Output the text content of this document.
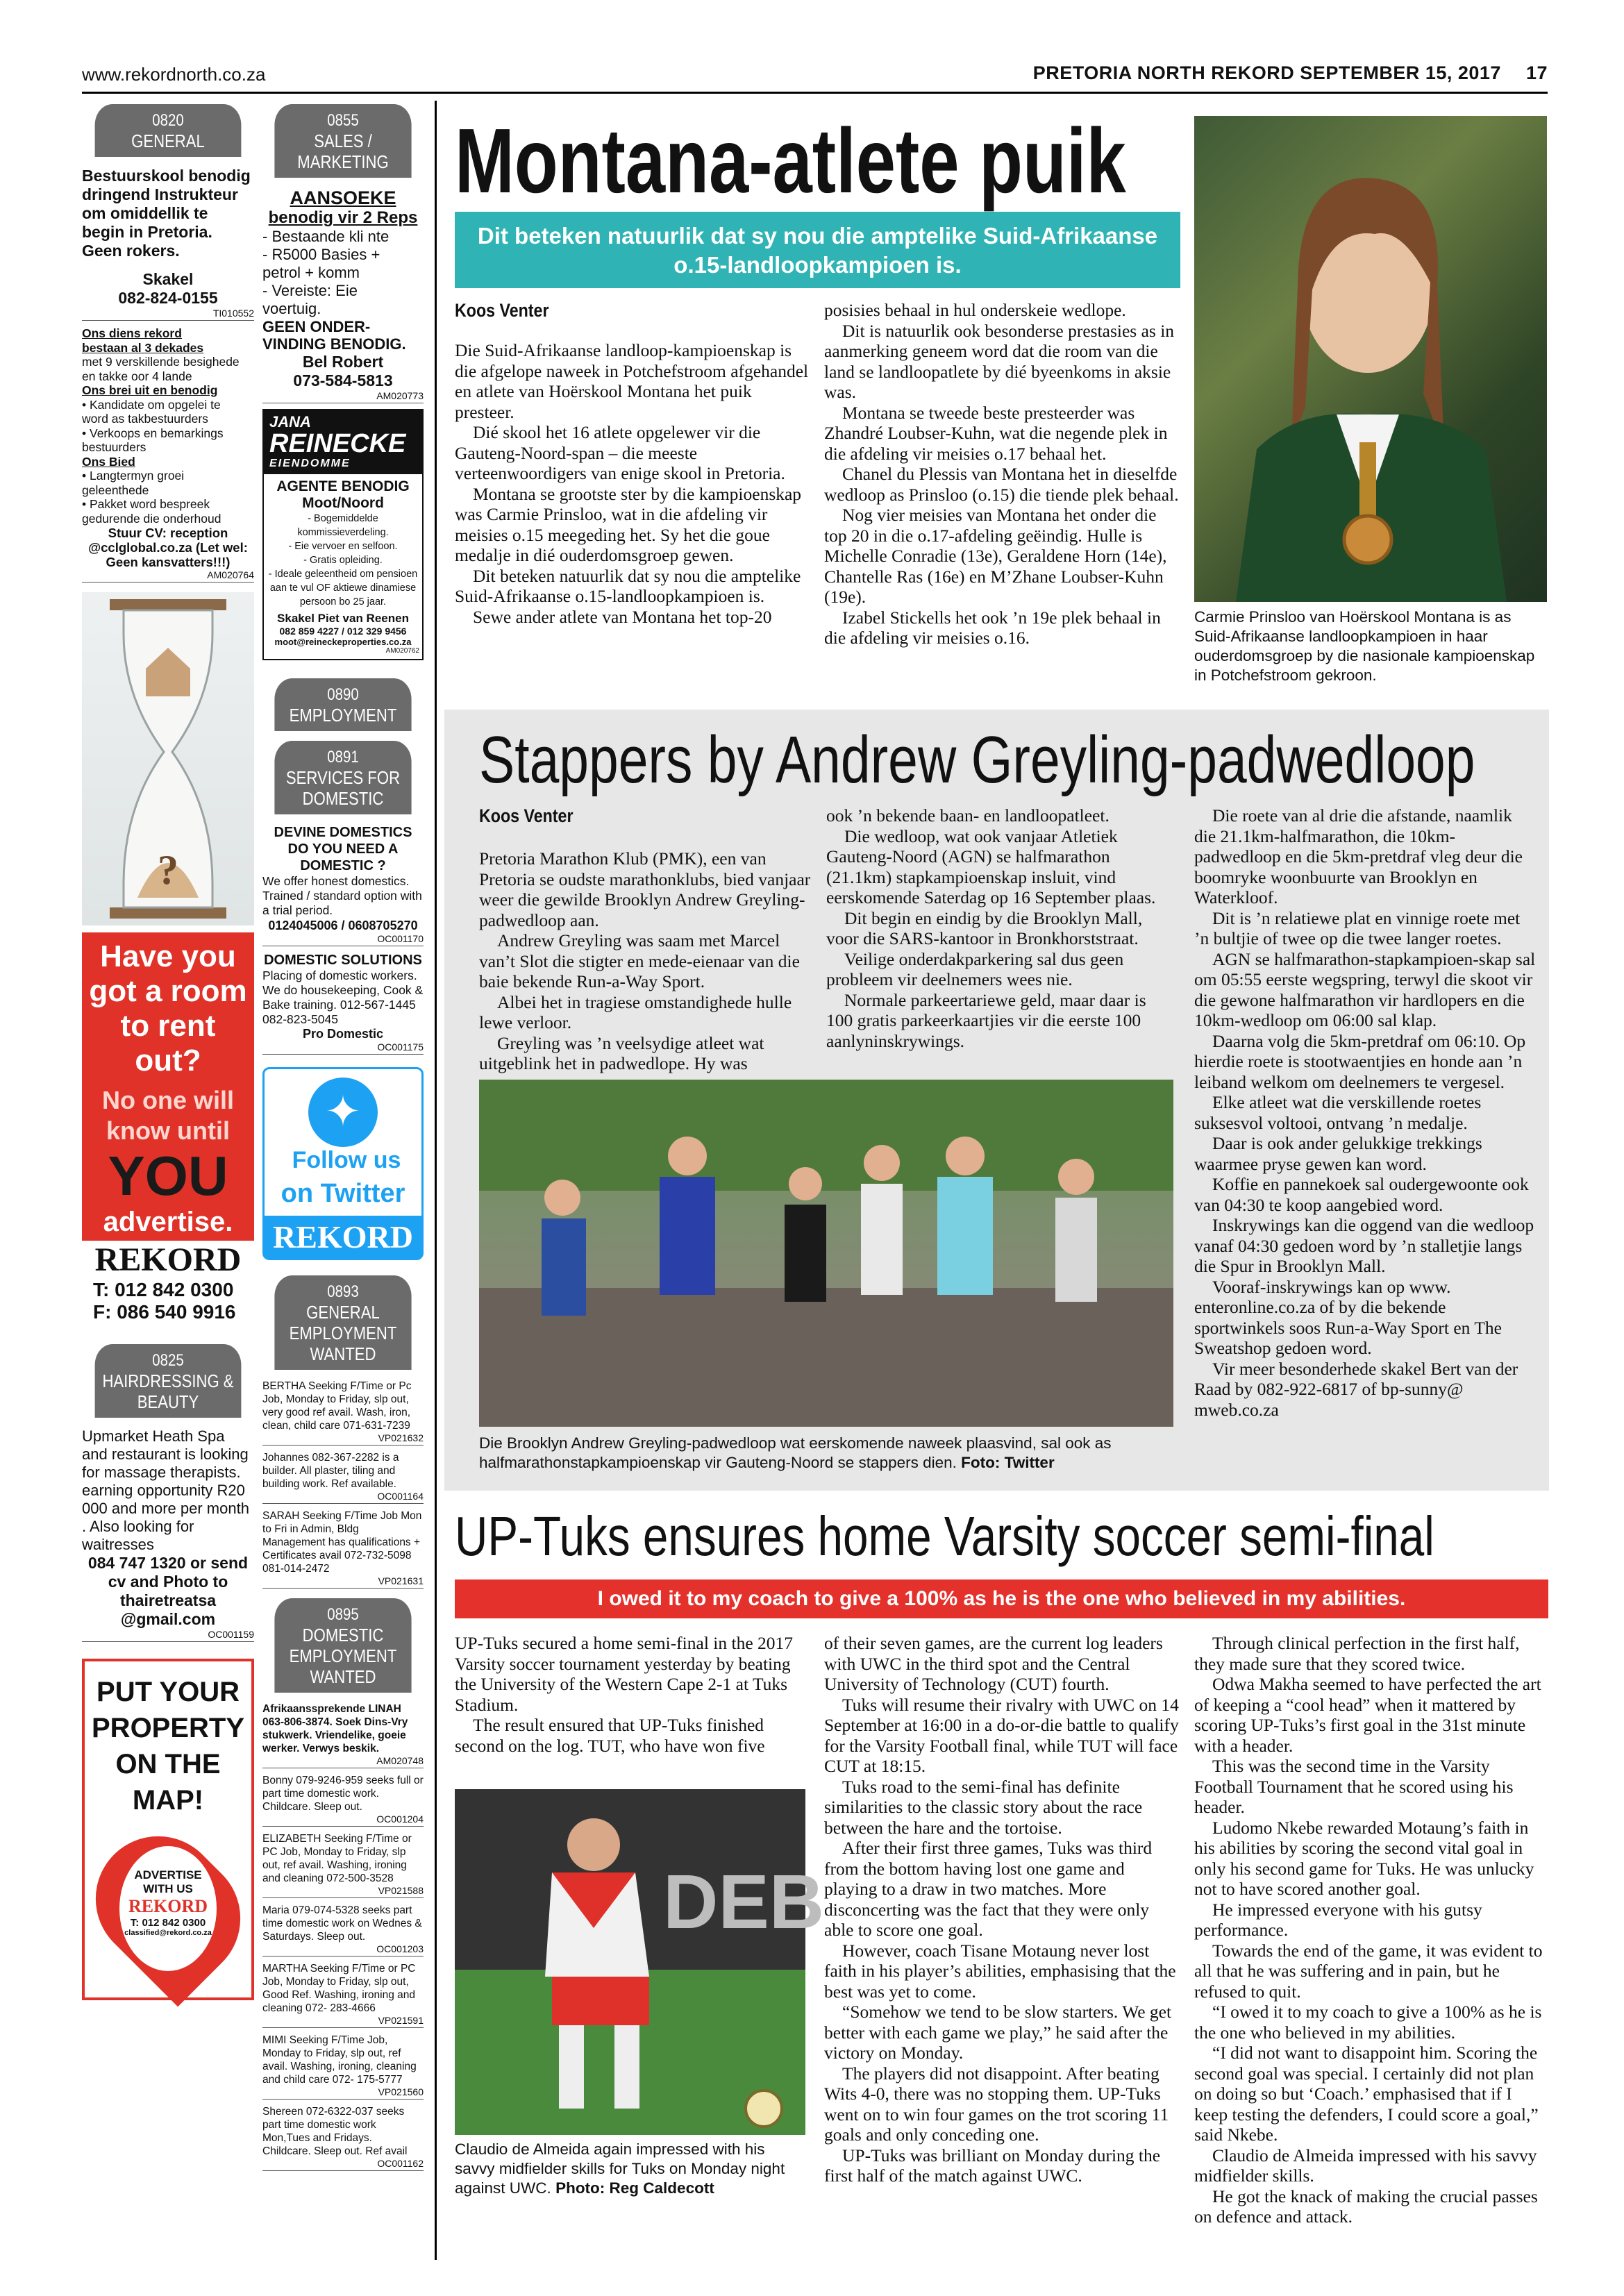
www.rekordnorth.co.za	PRETORIA NORTH REKORD SEPTEMBER 15, 2017 17
0820
GENERAL
Bestuurskool benodig dringend Instrukteur om omiddellik te begin in Pretoria. Geen rokers.
Skakel
082-824-0155
TI010552
Ons diens rekord
bestaan al 3 dekades
met 9 verskillende besighede
en takke oor 4 lande
Ons brei uit en benodig
• Kandidate om opgelei te
word as takbestuurders
• Verkoops en bemarkings
bestuurders
Ons Bied
• Langtermyn groei
geleenthede
• Pakket word bespreek
gedurende die onderhoud
Stuur CV: reception @cclglobal.co.za (Let wel: Geen kansvatters!!!)
AM020764
?
Have you got a room to rent out?
No one will know until
YOU
advertise.
REKORD
T: 012 842 0300
F: 086 540 9916
0825
HAIRDRESSING & BEAUTY
Upmarket Heath Spa and restaurant is looking for massage therapists. earning opportunity R20 000 and more per month . Also looking for waitresses
084 747 1320 or send cv and Photo to thairetreatsa @gmail.com
OC001159
PUT YOUR PROPERTY ON THE MAP!
ADVERTISE WITH US
REKORD
T: 012 842 0300
classified@rekord.co.za
0855
SALES / MARKETING
AANSOEKE
benodig vir 2 Reps
- Bestaande kli nte
- R5000 Basies +
petrol + komm
- Vereiste: Eie
voertuig.
GEEN ONDER- VINDING BENODIG.
Bel Robert
073-584-5813
AM020773
JANA
REINECKE
EIENDOMME
AGENTE BENODIG Moot/Noord
- Bogemiddelde kommissieverdeling.
- Eie vervoer en selfoon.
- Gratis opleiding.
- Ideale geleentheid om pensioen aan te vul OF aktiewe dinamiese persoon bo 25 jaar.
Skakel Piet van Reenen
082 859 4227 / 012 329 9456
moot@reineckeproperties.co.za
AM020762
0890
EMPLOYMENT
0891
SERVICES FOR DOMESTIC
DEVINE DOMESTICS DO YOU NEED A DOMESTIC ?
We offer honest domestics. Trained / standard option with a trial period.
0124045006 / 0608705270
OC001170
DOMESTIC SOLUTIONS
Placing of domestic workers. We do housekeeping, Cook & Bake training. 012-567-1445 082-823-5045
Pro Domestic
OC001175
✦ Follow us
on Twitter
REKORD
0893
GENERAL EMPLOYMENT WANTED
BERTHA Seeking F/Time or Pc Job, Monday to Friday, slp out, very good ref avail. Wash, iron, clean, child care 071-631-7239
VP021632
Johannes 082-367-2282 is a builder. All plaster, tiling and building work. Ref available.
OC001164
SARAH Seeking F/Time Job Mon to Fri in Admin, Bldg Management has qualifications + Certificates avail 072-732-5098 081-014-2472
VP021631
0895
DOMESTIC EMPLOYMENT WANTED
Afrikaanssprekende LINAH 063-806-3874. Soek Dins-Vry stukwerk. Vriendelike, goeie werker. Verwys beskik.
AM020748
Bonny 079-9246-959 seeks full or part time domestic work. Childcare. Sleep out.
OC001204
ELIZABETH Seeking F/Time or PC Job, Monday to Friday, slp out, ref avail. Washing, ironing and cleaning 072-500-3528
VP021588
Maria 079-074-5328 seeks part time domestic work on Wednes & Saturdays. Sleep out.
OC001203
MARTHA Seeking F/Time or PC Job, Monday to Friday, slp out, Good Ref. Washing, ironing and cleaning 072- 283-4666
VP021591
MIMI Seeking F/Time Job, Monday to Friday, slp out, ref avail. Washing, ironing, cleaning and child care 072- 175-5777
VP021560
Shereen 072-6322-037 seeks part time domestic work Mon,Tues and Fridays. Childcare. Sleep out. Ref avail
OC001162
Montana-atlete puik
Dit beteken natuurlik dat sy nou die amptelike Suid-Afrikaanse o.15-landloopkampioen is.
Koos Venter

Die Suid-Afrikaanse landloop-kampioenskap is die afgelope naweek in Potchefstroom afgehandel en atlete van Hoërskool Montana het puik presteer.

Dié skool het 16 atlete opgelewer vir die Gauteng-Noord-span – die meeste verteenwoordigers van enige skool in Pretoria.

Montana se grootste ster by die kampioenskap was Carmie Prinsloo, wat in die afdeling vir meisies o.15 meegeding het. Sy het die goue medalje in dié ouderdomsgroep gewen.

Dit beteken natuurlik dat sy nou die amptelike Suid-Afrikaanse o.15-landloopkampioen is.

Sewe ander atlete van Montana het top-20

posisies behaal in hul onderskeie wedlope.

Dit is natuurlik ook besonderse prestasies as in aanmerking geneem word dat die room van die land se landloopatlete by dié byeenkoms in aksie was.

Montana se tweede beste presteerder was Zhandré Loubser-Kuhn, wat die negende plek in die afdeling vir meisies o.17 behaal het.

Chanel du Plessis van Montana het in dieselfde wedloop as Prinsloo (o.15) die tiende plek behaal.

Nog vier meisies van Montana het onder die top 20 in die o.17-afdeling geëindig. Hulle is Michelle Conradie (13e), Geraldene Horn (14e), Chantelle Ras (16e) en M’Zhane Loubser-Kuhn (19e).

Izabel Stickells het ook ’n 19e plek behaal in die afdeling vir meisies o.16.

Carmie Prinsloo van Hoërskool Montana is as Suid-Afrikaanse landloopkampioen in haar ouderdomsgroep by die nasionale kampioenskap in Potchefstroom gekroon.
Stappers by Andrew Greyling-padwedloop
Koos Venter

Pretoria Marathon Klub (PMK), een van Pretoria se oudste marathonklubs, bied vanjaar weer die gewilde Brooklyn Andrew Greyling-padwedloop aan.

Andrew Greyling was saam met Marcel van’t Slot die stigter en mede-eienaar van die baie bekende Run-a-Way Sport.

Albei het in tragiese omstandighede hulle lewe verloor.

Greyling was ’n veelsydige atleet wat uitgeblink het in padwedlope. Hy was

ook ’n bekende baan- en landloopatleet.

Die wedloop, wat ook vanjaar Atletiek Gauteng-Noord (AGN) se halfmarathon (21.1km) stapkampioenskap insluit, vind eerskomende Saterdag op 16 September plaas.

Dit begin en eindig by die Brooklyn Mall, voor die SARS-kantoor in Bronkhorststraat.

Veilige onderdakparkering sal dus geen probleem vir deelnemers wees nie.

Normale parkeertariewe geld, maar daar is 100 gratis parkeerkaartjies vir die eerste 100 aanlyninskrywings.

Die roete van al drie die afstande, naamlik die 21.1km-halfmarathon, die 10km-padwedloop en die 5km-pretdraf vleg deur die boomryke woonbuurte van Brooklyn en Waterkloof.

Dit is ’n relatiewe plat en vinnige roete met ’n bultjie of twee op die twee langer roetes.

AGN se halfmarathon-stapkampioen-skap sal om 05:55 eerste wegspring, terwyl die skoot vir die gewone halfmarathon vir hardlopers en die 10km-wedloop om 06:00 sal klap.

Daarna volg die 5km-pretdraf om 06:10. Op hierdie roete is stootwaentjies en honde aan ’n leiband welkom om deelnemers te vergesel.

Elke atleet wat die verskillende roetes suksesvol voltooi, ontvang ’n medalje.

Daar is ook ander gelukkige trekkings waarmee pryse gewen kan word.

Koffie en pannekoek sal oudergewoonte ook van 04:30 te koop aangebied word.

Inskrywings kan die oggend van die wedloop vanaf 04:30 gedoen word by ’n stalletjie langs die Spur in Brooklyn Mall.

Vooraf-inskrywings kan op www. enteronline.co.za of by die bekende sportwinkels soos Run-a-Way Sport en The Sweatshop gedoen word.

Vir meer besonderhede skakel Bert van der Raad by 082-922-6817 of bp-sunny@ mweb.co.za

Die Brooklyn Andrew Greyling-padwedloop wat eerskomende naweek plaasvind, sal ook as halfmarathonstapkampioenskap vir Gauteng-Noord se stappers dien. Foto: Twitter
UP-Tuks ensures home Varsity soccer semi-final
I owed it to my coach to give a 100% as he is the one who believed in my abilities.

UP-Tuks secured a home semi-final in the 2017 Varsity soccer tournament yesterday by beating the University of the Western Cape 2-1 at Tuks Stadium.

The result ensured that UP-Tuks finished second on the log. TUT, who have won five

DEB
Claudio de Almeida again impressed with his savvy midfielder skills for Tuks on Monday night against UWC. Photo: Reg Caldecott

of their seven games, are the current log leaders with UWC in the third spot and the Central University of Technology (CUT) fourth.

Tuks will resume their rivalry with UWC on 14 September at 16:00 in a do-or-die battle to qualify for the Varsity Football final, while TUT will face CUT at 18:15.

Tuks road to the semi-final has definite similarities to the classic story about the race between the hare and the tortoise.

After their first three games, Tuks was third from the bottom having lost one game and playing to a draw in two matches. More disconcerting was the fact that they were only able to score one goal.

However, coach Tisane Motaung never lost faith in his player’s abilities, emphasising that the best was yet to come.

“Somehow we tend to be slow starters. We get better with each game we play,” he said after the victory on Monday.

The players did not disappoint. After beating Wits 4-0, there was no stopping them. UP-Tuks went on to win four games on the trot scoring 11 goals and only conceding one.

UP-Tuks was brilliant on Monday during the first half of the match against UWC.

Through clinical perfection in the first half, they made sure that they scored twice.

Odwa Makha seemed to have perfected the art of keeping a “cool head” when it mattered by scoring UP-Tuks’s first goal in the 31st minute with a header.

This was the second time in the Varsity Football Tournament that he scored using his header.

Ludomo Nkebe rewarded Motaung’s faith in his abilities by scoring the second vital goal in only his second game for Tuks. He was unlucky not to have scored another goal.

He impressed everyone with his gutsy performance.

Towards the end of the game, it was evident to all that he was suffering and in pain, but he refused to quit.

“I owed it to my coach to give a 100% as he is the one who believed in my abilities.

“I did not want to disappoint him. Scoring the second goal was special. I certainly did not plan on doing so but ‘Coach.’ emphasised that if I keep testing the defenders, I could score a goal,” said Nkebe.

Claudio de Almeida impressed with his savvy midfielder skills.

He got the knack of making the crucial passes on defence and attack.
